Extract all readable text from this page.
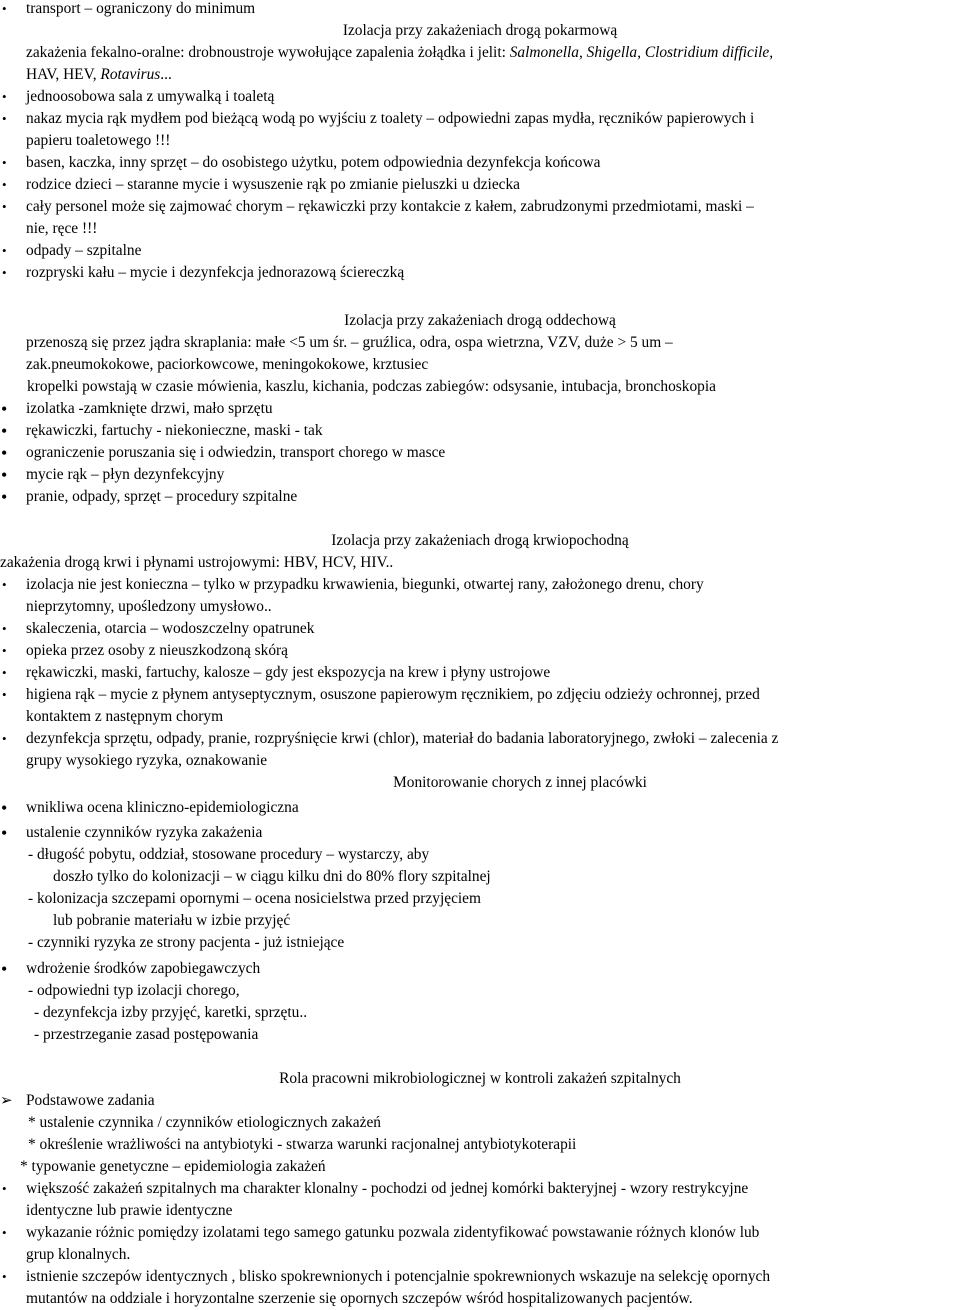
• transport – ograniczony do minimum
Izolacja przy zakażeniach drogą pokarmową
zakażenia fekalno-oralne: drobnoustroje wywołujące zapalenia żołądka i jelit: Salmonella, Shigella, Clostridium difficile,
HAV, HEV, Rotavirus...
• jednoosobowa sala z umywalką i toaletą
• nakaz mycia rąk mydłem pod bieżącą wodą po wyjściu z toalety – odpowiedni zapas mydła, ręczników papierowych i
papieru toaletowego !!!
• basen, kaczka, inny sprzęt – do osobistego użytku, potem odpowiednia dezynfekcja końcowa
• rodzice dzieci – staranne mycie i wysuszenie rąk po zmianie pieluszki u dziecka
• cały personel może się zajmować chorym – rękawiczki przy kontakcie z kałem, zabrudzonymi przedmiotami, maski –
nie, ręce !!!
• odpady – szpitalne
• rozpryski kału – mycie i dezynfekcja jednorazową ściereczką
Izolacja przy zakażeniach drogą oddechową
przenoszą się przez jądra skraplania: małe <5 um śr. – gruźlica, odra, ospa wietrzna, VZV, duże > 5 um –
zak.pneumokokowe, paciorkowcowe, meningokokowe, krztusiec
kropelki powstają w czasie mówienia, kaszlu, kichania, podczas zabiegów: odsysanie, intubacja, bronchoskopia
• izolatka -zamknięte drzwi, mało sprzętu
• rękawiczki, fartuchy - niekonieczne, maski - tak
• ograniczenie poruszania się i odwiedzin, transport chorego w masce
• mycie rąk – płyn dezynfekcyjny
• pranie, odpady, sprzęt – procedury szpitalne
Izolacja przy zakażeniach drogą krwiopochodną
zakażenia drogą krwi i płynami ustrojowymi: HBV, HCV, HIV..
• izolacja nie jest konieczna – tylko w przypadku krwawienia, biegunki, otwartej rany, założonego drenu, chory
nieprzytomny, upośledzony umysłowo..
• skaleczenia, otarcia – wodoszczelny opatrunek
• opieka przez osoby z nieuszkodzoną skórą
• rękawiczki, maski, fartuchy, kalosze – gdy jest ekspozycja na krew i płyny ustrojowe
• higiena rąk – mycie z płynem antyseptycznym, osuszone papierowym ręcznikiem, po zdjęciu odzieży ochronnej, przed
kontaktem z następnym chorym
• dezynfekcja sprzętu, odpady, pranie, rozpryśnięcie krwi (chlor), materiał do badania laboratoryjnego, zwłoki – zalecenia z
grupy wysokiego ryzyka, oznakowanie
Monitorowanie chorych z innej placówki
• wnikliwa ocena kliniczno-epidemiologiczna
• ustalenie czynników ryzyka zakażenia
- długość pobytu, oddział, stosowane procedury – wystarczy, aby
doszło tylko do kolonizacji – w ciągu kilku dni do 80% flory szpitalnej
- kolonizacja szczepami opornymi – ocena nosicielstwa przed przyjęciem
lub pobranie materiału w izbie przyjęć
- czynniki ryzyka ze strony pacjenta - już istniejące
• wdrożenie środków zapobiegawczych
- odpowiedni typ izolacji chorego,
- dezynfekcja izby przyjęć, karetki, sprzętu..
- przestrzeganie zasad postępowania
Rola pracowni mikrobiologicznej w kontroli zakażeń szpitalnych
➢ Podstawowe zadania
* ustalenie czynnika / czynników etiologicznych zakażeń
* określenie wrażliwości na antybiotyki - stwarza warunki racjonalnej antybiotykoterapii
* typowanie genetyczne – epidemiologia zakażeń
• większość zakażeń szpitalnych ma charakter klonalny - pochodzi od jednej komórki bakteryjnej - wzory restrykcyjne
identyczne lub prawie identyczne
• wykazanie różnic pomiędzy izolatami tego samego gatunku pozwala zidentyfikować powstawanie różnych klonów lub
grup klonalnych.
• istnienie szczepów identycznych , blisko spokrewnionych i potencjalnie spokrewnionych wskazuje na selekcję opornych
mutantów na oddziale i horyzontalne szerzenie się opornych szczepów wśród hospitalizowanych pacjentów.
